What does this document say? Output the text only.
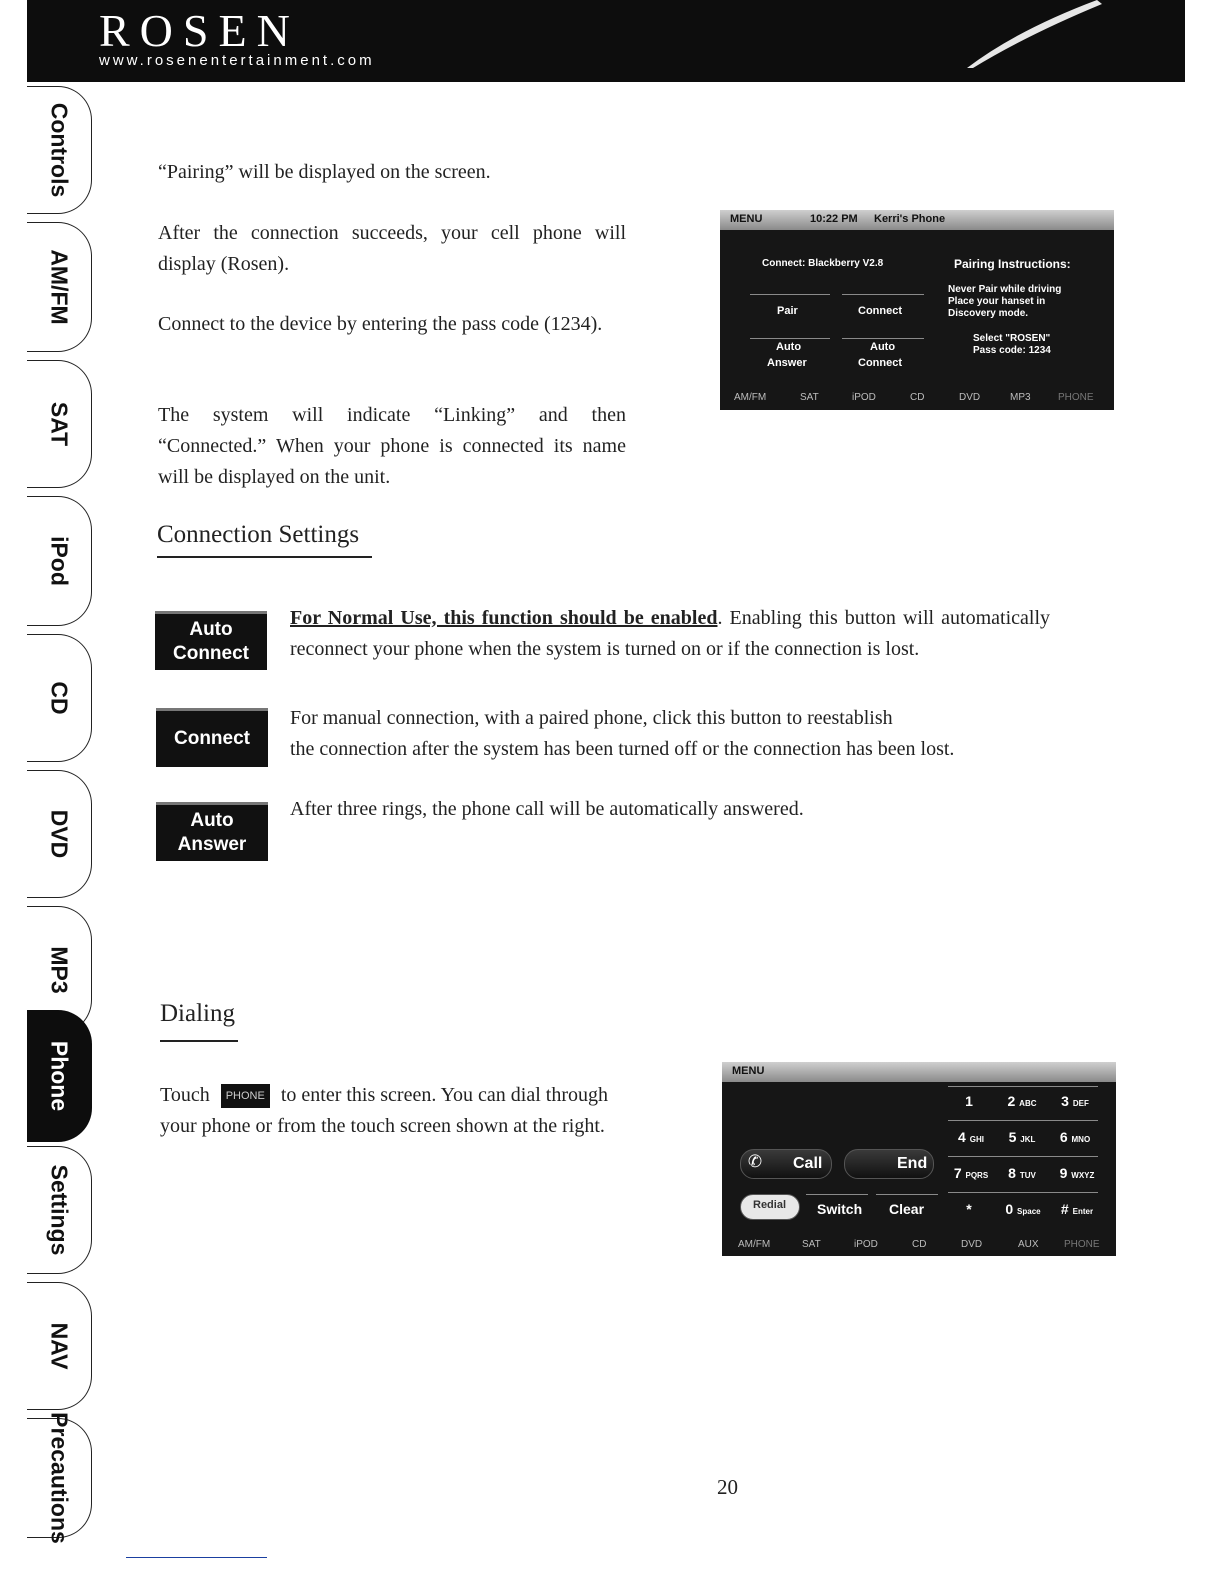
ROSEN
www.rosenentertainment.com
Controls
AM/FM
SAT
iPod
CD
DVD
MP3
Phone
Settings
NAV
Precautions
“Pairing” will be displayed on the screen.
After the connection succeeds, your cell phone will display (Rosen).
Connect to the device by entering the pass code (1234).
The system will indicate “Linking” and then “Connected.” When your phone is connected its name will be displayed on the unit.
MENU	10:22 PM Kerri's Phone
Connect: Blackberry V2.8	Pairing Instructions:
Never Pair while driving
Place your hanset in
Discovery mode.
Select "ROSEN"
Pass code: 1234
Pair	Connect
Auto
Answer
Auto
Connect
AM/FM	SAT	iPOD	CD	DVD	MP3	PHONE
Connection Settings
Auto
Connect
For Normal Use, this function should be enabled. Enabling this button will automatically reconnect your phone when the system is turned on or if the connection is lost.
Connect
For manual connection, with a paired phone, click this button to reestablish
the connection after the system has been turned off or the connection has been lost.
Auto
Answer
After three rings, the phone call will be automatically answered.
Dialing
Touch PHONE to enter this screen. You can dial through your phone or from the touch screen shown at the right.
MENU
✆ Call	End
Redial Switch Clear
1	2 ABC	3 DEF
4 GHI	5 JKL	6 MNO
7 PQRS	8 TUV	9 WXYZ
*	0 Space	# Enter
AM/FM	SAT	iPOD	CD	DVD	AUX	PHONE
20
